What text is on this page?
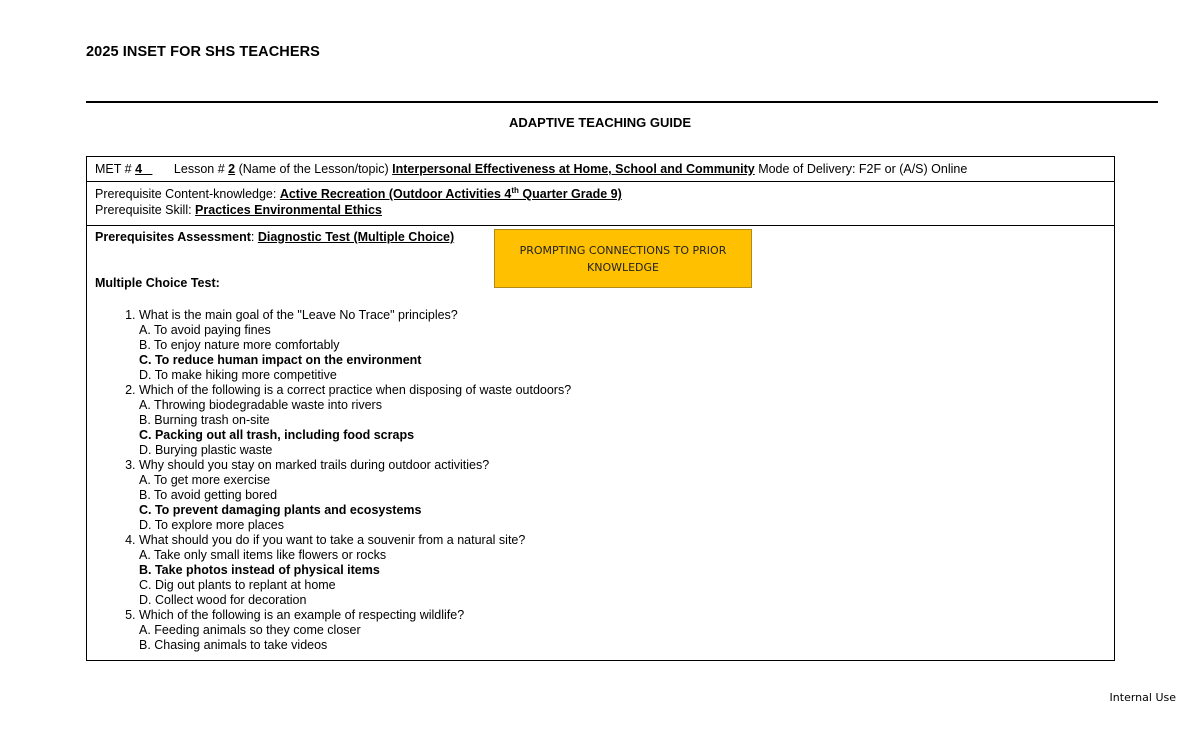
2025 INSET FOR SHS TEACHERS
ADAPTIVE TEACHING GUIDE
MET # 4	Lesson # 2 (Name of the Lesson/topic) Interpersonal Effectiveness at Home, School and Community Mode of Delivery: F2F or (A/S) Online
Prerequisite Content-knowledge: Active Recreation (Outdoor Activities 4th Quarter Grade 9)
Prerequisite Skill: Practices Environmental Ethics
Prerequisites Assessment: Diagnostic Test (Multiple Choice)
Multiple Choice Test:
1. What is the main goal of the "Leave No Trace" principles?
A. To avoid paying fines
B. To enjoy nature more comfortably
C. To reduce human impact on the environment
D. To make hiking more competitive
2. Which of the following is a correct practice when disposing of waste outdoors?
A. Throwing biodegradable waste into rivers
B. Burning trash on-site
C. Packing out all trash, including food scraps
D. Burying plastic waste
3. Why should you stay on marked trails during outdoor activities?
A. To get more exercise
B. To avoid getting bored
C. To prevent damaging plants and ecosystems
D. To explore more places
4. What should you do if you want to take a souvenir from a natural site?
A. Take only small items like flowers or rocks
B. Take photos instead of physical items
C. Dig out plants to replant at home
D. Collect wood for decoration
5. Which of the following is an example of respecting wildlife?
A. Feeding animals so they come closer
B. Chasing animals to take videos
PROMPTING CONNECTIONS TO PRIOR KNOWLEDGE
Internal Use
